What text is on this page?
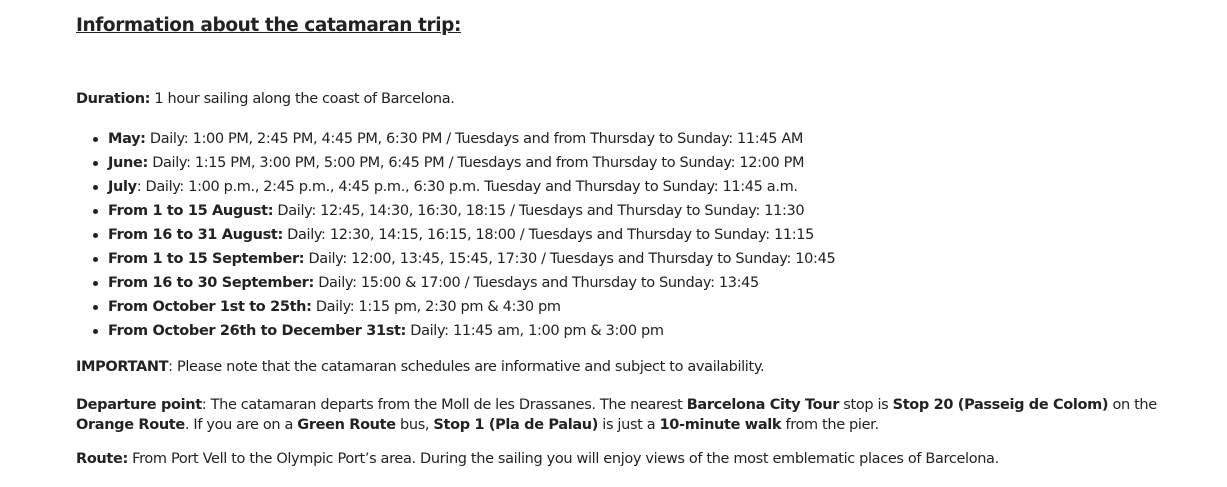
Information about the catamaran trip:

Duration: 1 hour sailing along the coast of Barcelona.

May: Daily: 1:00 PM, 2:45 PM, 4:45 PM, 6:30 PM / Tuesdays and from Thursday to Sunday: 11:45 AM
June: Daily: 1:15 PM, 3:00 PM, 5:00 PM, 6:45 PM / Tuesdays and from Thursday to Sunday: 12:00 PM
July: Daily: 1:00 p.m., 2:45 p.m., 4:45 p.m., 6:30 p.m. Tuesday and Thursday to Sunday: 11:45 a.m.
From 1 to 15 August: Daily: 12:45, 14:30, 16:30, 18:15 / Tuesdays and Thursday to Sunday: 11:30
From 16 to 31 August: Daily: 12:30, 14:15, 16:15, 18:00 / Tuesdays and Thursday to Sunday: 11:15
From 1 to 15 September: Daily: 12:00, 13:45, 15:45, 17:30 / Tuesdays and Thursday to Sunday: 10:45
From 16 to 30 September: Daily: 15:00 & 17:00 / Tuesdays and Thursday to Sunday: 13:45
From October 1st to 25th: Daily: 1:15 pm, 2:30 pm & 4:30 pm
From October 26th to December 31st: Daily: 11:45 am, 1:00 pm & 3:00 pm

IMPORTANT: Please note that the catamaran schedules are informative and subject to availability.

Departure point: The catamaran departs from the Moll de les Drassanes. The nearest Barcelona City Tour stop is Stop 20 (Passeig de Colom) on the Orange Route. If you are on a Green Route bus, Stop 1 (Pla de Palau) is just a 10-minute walk from the pier.

Route: From Port Vell to the Olympic Port’s area. During the sailing you will enjoy views of the most emblematic places of Barcelona.
